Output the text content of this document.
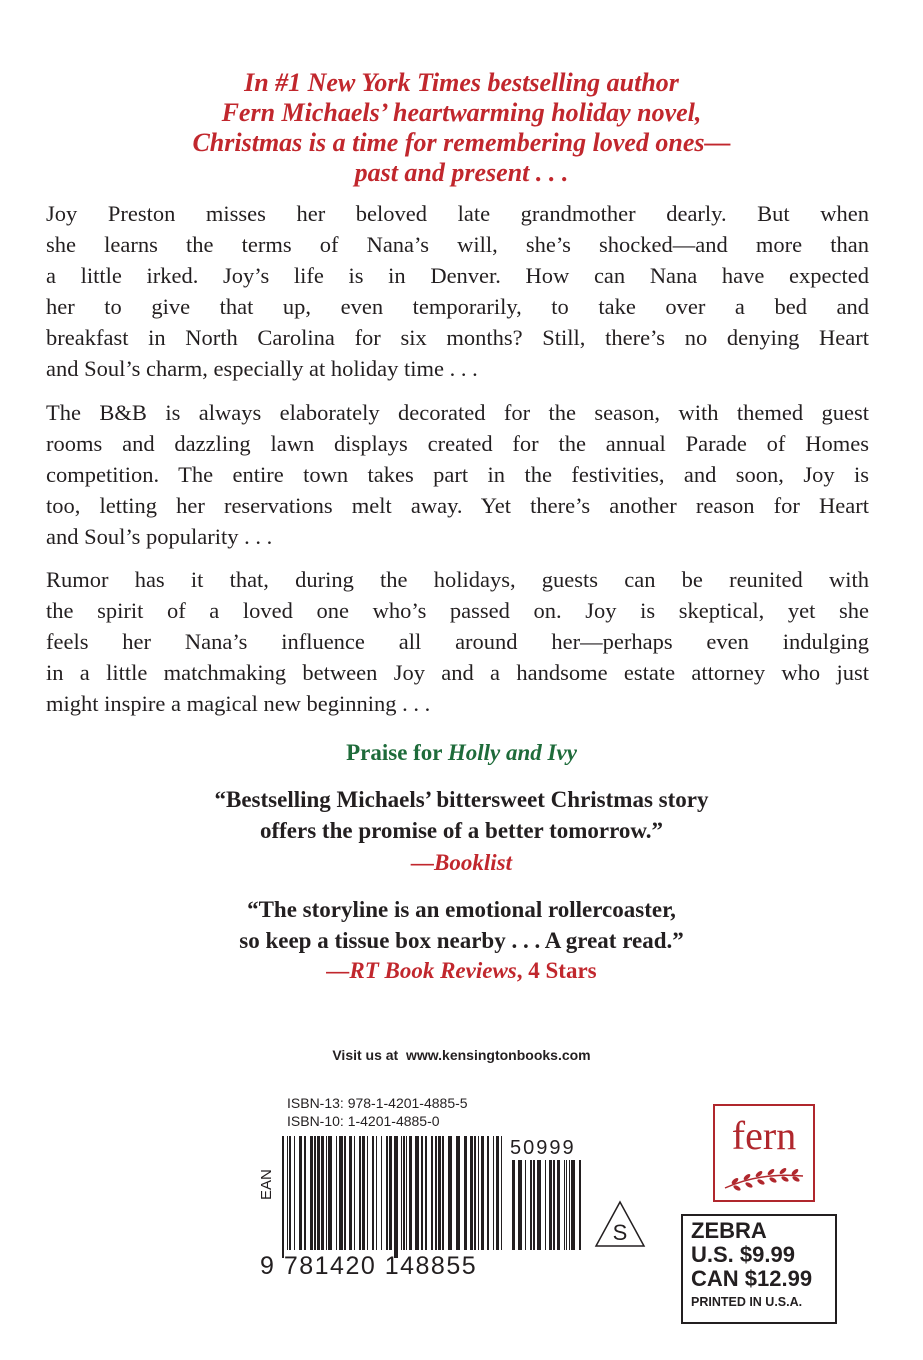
In #1 New York Times bestselling author
Fern Michaels’ heartwarming holiday novel,
Christmas is a time for remembering loved ones—
past and present . . .
Joy Preston misses her beloved late grandmother dearly. But when
she learns the terms of Nana’s will, she’s shocked—and more than
a little irked. Joy’s life is in Denver. How can Nana have expected
her to give that up, even temporarily, to take over a bed and
breakfast in North Carolina for six months? Still, there’s no denying Heart
and Soul’s charm, especially at holiday time . . .
The B&B is always elaborately decorated for the season, with themed guest
rooms and dazzling lawn displays created for the annual Parade of Homes
competition. The entire town takes part in the festivities, and soon, Joy is
too, letting her reservations melt away. Yet there’s another reason for Heart
and Soul’s popularity . . .
Rumor has it that, during the holidays, guests can be reunited with
the spirit of a loved one who’s passed on. Joy is skeptical, yet she
feels her Nana’s influence all around her—perhaps even indulging
in a little matchmaking between Joy and a handsome estate attorney who just
might inspire a magical new beginning . . .
Praise for Holly and Ivy
“Bestselling Michaels’ bittersweet Christmas story
offers the promise of a better tomorrow.”
—Booklist
“The storyline is an emotional rollercoaster,
so keep a tissue box nearby . . . A great read.”
—RT Book Reviews, 4 Stars
Visit us at www.kensingtonbooks.com
ISBN-13: 978-1-4201-4885-5
ISBN-10: 1-4201-4885-0
EAN
9 781420 148855
50999
S
fern
ZEBRA
U.S. $9.99
CAN $12.99
PRINTED IN U.S.A.
